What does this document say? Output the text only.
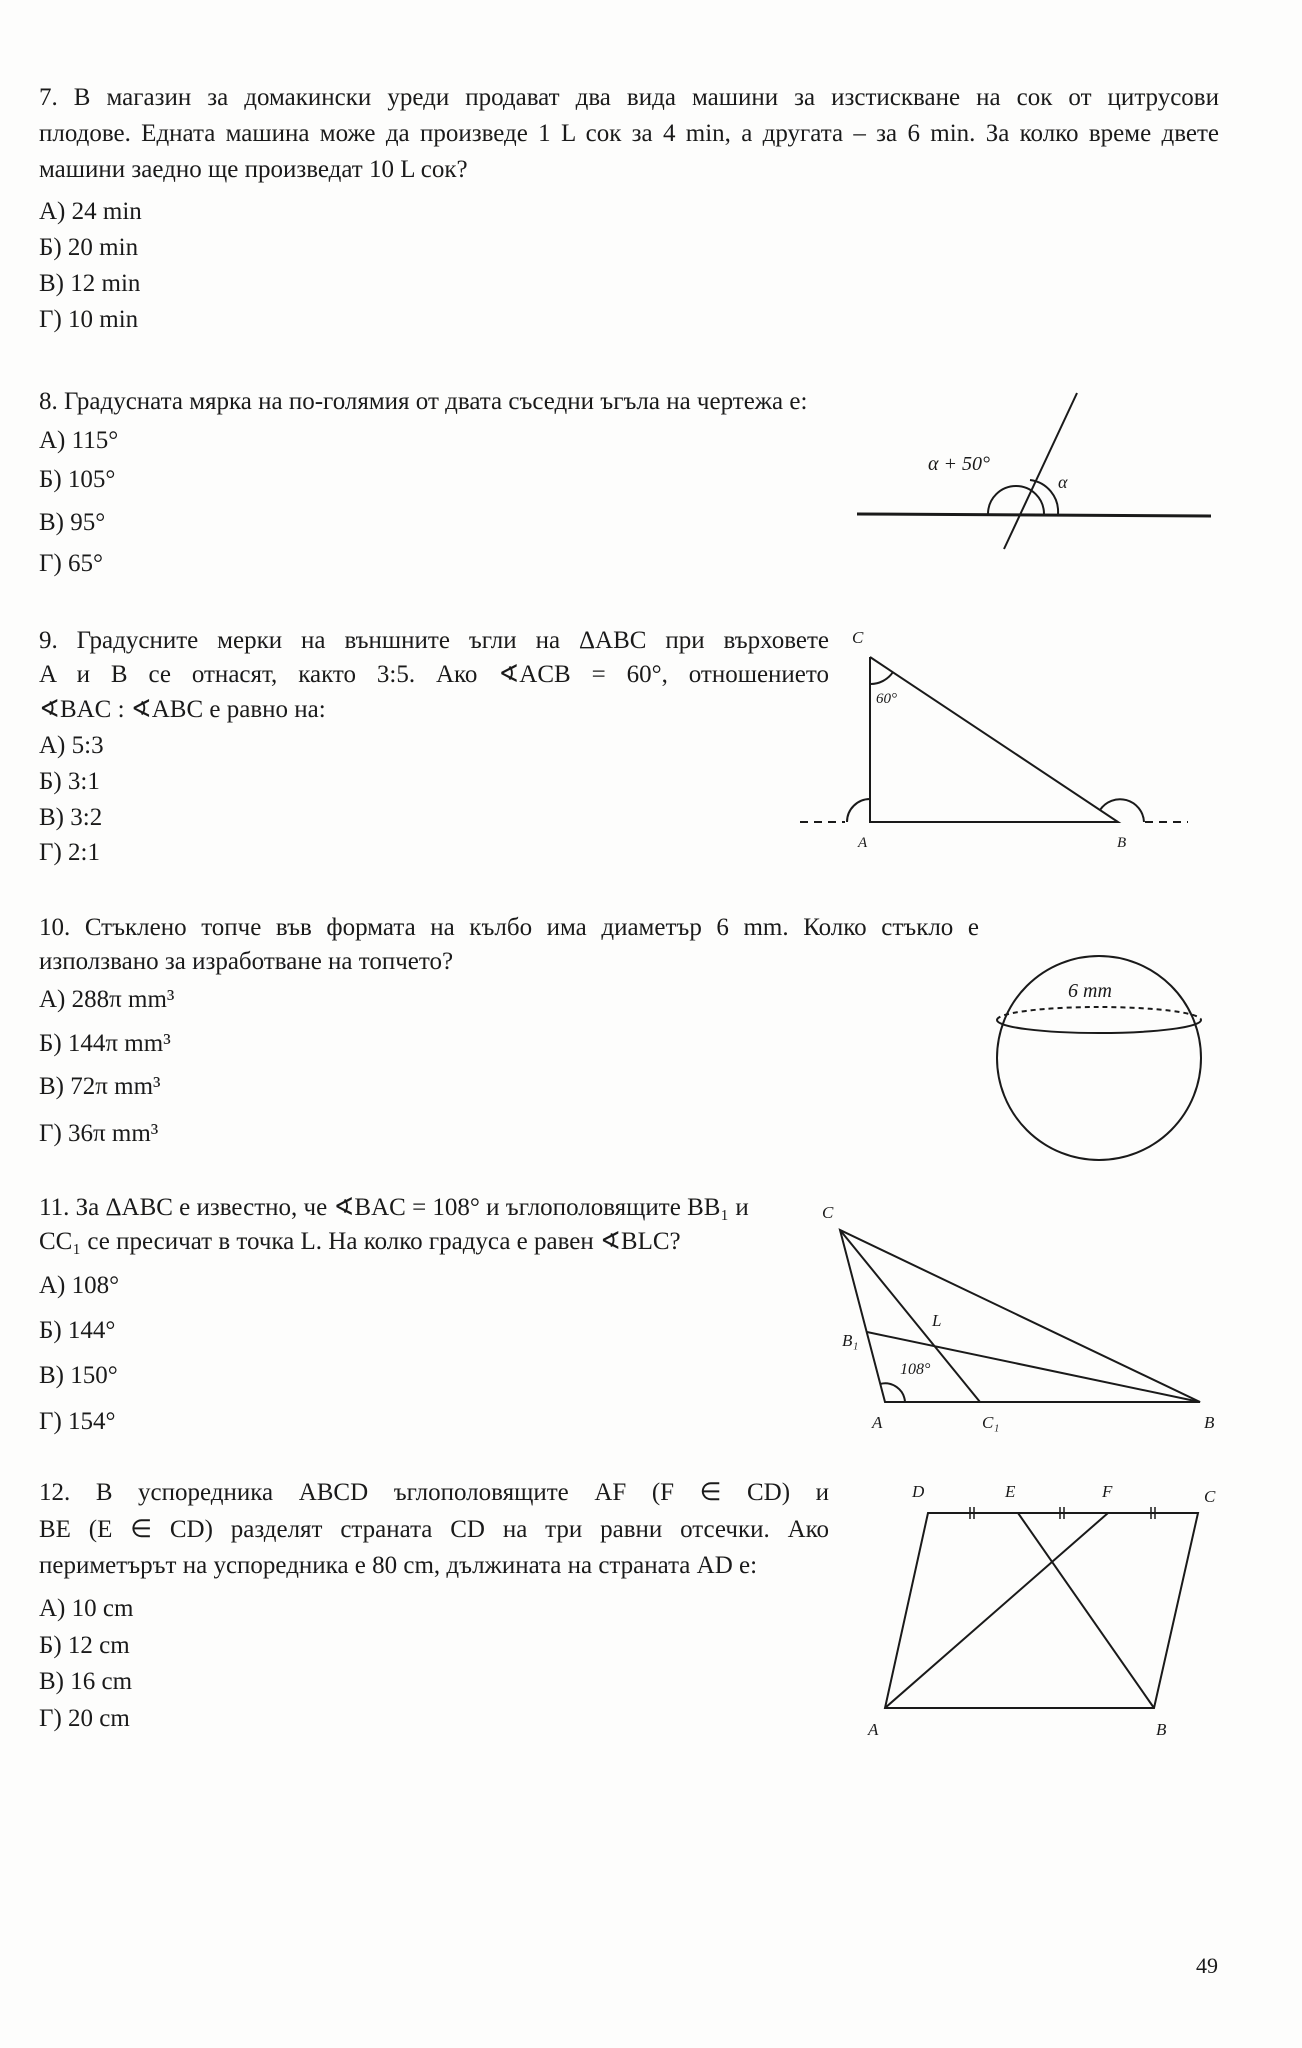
7. В магазин за домакински уреди продават два вида машини за изстискване на сок от цитрусови
плодове. Едната машина може да произведе 1 L сок за 4 min, а другата – за 6 min. За колко време двете
машини заедно ще произведат 10 L сок?
А) 24 min
Б) 20 min
В) 12 min
Г) 10 min
8. Градусната мярка на по-голямия от двата съседни ъгъла на чертежа е:
А) 115°
Б) 105°
В) 95°
Г) 65°
9. Градусните мерки на външните ъгли на ΔABC при върховете
A и B се отнасят, както 3:5. Ако ∢ACB = 60°, отношението
∢BAC : ∢ABC е равно на:
А) 5:3
Б) 3:1
В) 3:2
Г) 2:1
10. Стъклено топче във формата на кълбо има диаметър 6 mm. Колко стъкло е
използвано за изработване на топчето?
А) 288π mm³
Б) 144π mm³
В) 72π mm³
Г) 36π mm³
11. За ΔABC е известно, че ∢BAC = 108° и ъглополовящите BB₁ и
CC₁ се пресичат в точка L. На колко градуса е равен ∢BLC?
А) 108°
Б) 144°
В) 150°
Г) 154°
12. В успоредника ABCD ъглополовящите AF (F ∈ CD) и
BE (E ∈ CD) разделят страната CD на три равни отсечки. Ако
периметърът на успоредника е 80 cm, дължината на страната AD е:
А) 10 cm
Б) 12 cm
В) 16 cm
Г) 20 cm
α + 50°
α
C
A	B
60°
6 mm
C
A	B
B₁
C₁
L
108°
D	E	F	C
A	B
49
